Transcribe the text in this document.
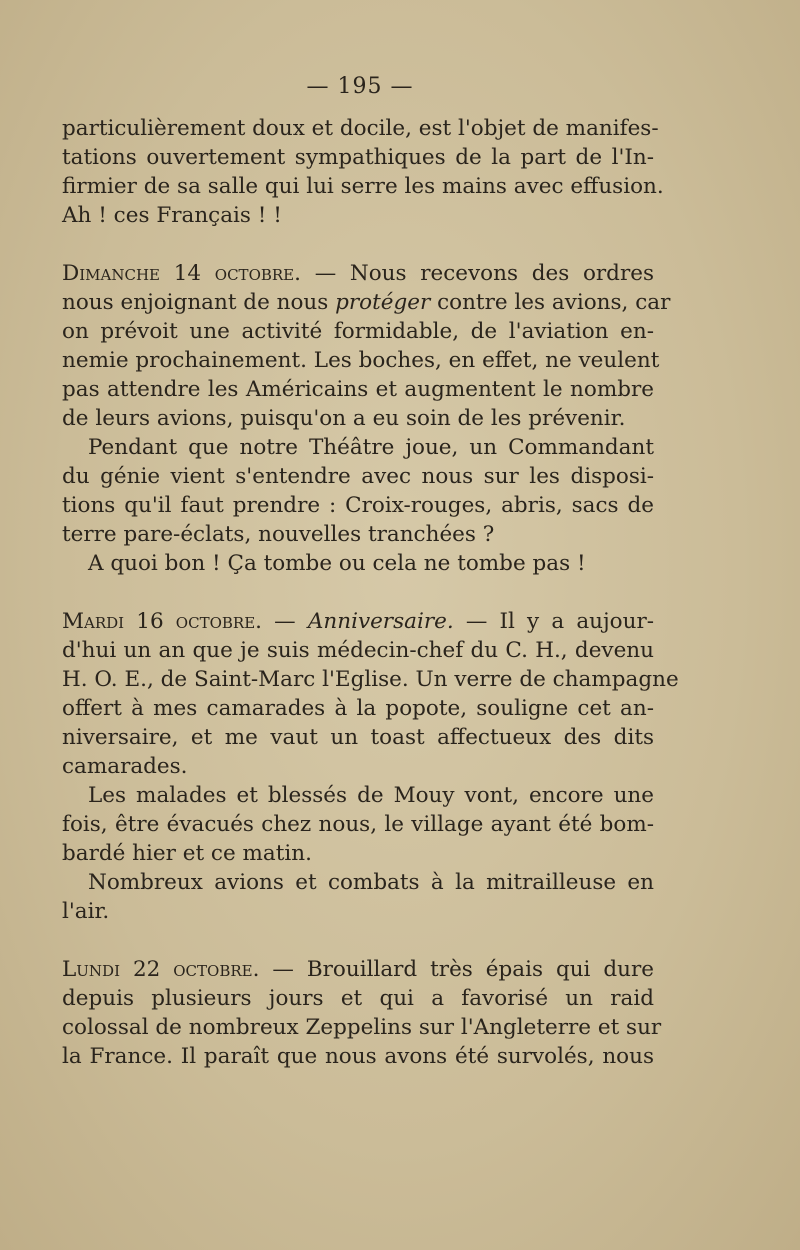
— 195 —
particulièrement doux et docile, est l'objet de manifes-
tations ouvertement sympathiques de la part de l'In-
firmier de sa salle qui lui serre les mains avec effusion.
Ah ! ces Français ! !
Dimanche 14 octobre. — Nous recevons des ordres
nous enjoignant de nous protéger contre les avions, car
on prévoit une activité formidable, de l'aviation en-
nemie prochainement. Les boches, en effet, ne veulent
pas attendre les Américains et augmentent le nombre
de leurs avions, puisqu'on a eu soin de les prévenir.
Pendant que notre Théâtre joue, un Commandant
du génie vient s'entendre avec nous sur les disposi-
tions qu'il faut prendre : Croix-rouges, abris, sacs de
terre pare-éclats, nouvelles tranchées ?
A quoi bon ! Ça tombe ou cela ne tombe pas !
Mardi 16 octobre. — Anniversaire. — Il y a aujour-
d'hui un an que je suis médecin-chef du C. H., devenu
H. O. E., de Saint-Marc l'Eglise. Un verre de champagne
offert à mes camarades à la popote, souligne cet an-
niversaire, et me vaut un toast affectueux des dits
camarades.
Les malades et blessés de Mouy vont, encore une
fois, être évacués chez nous, le village ayant été bom-
bardé hier et ce matin.
Nombreux avions et combats à la mitrailleuse en
l'air.
Lundi 22 octobre. — Brouillard très épais qui dure
depuis plusieurs jours et qui a favorisé un raid
colossal de nombreux Zeppelins sur l'Angleterre et sur
la France. Il paraît que nous avons été survolés, nous
